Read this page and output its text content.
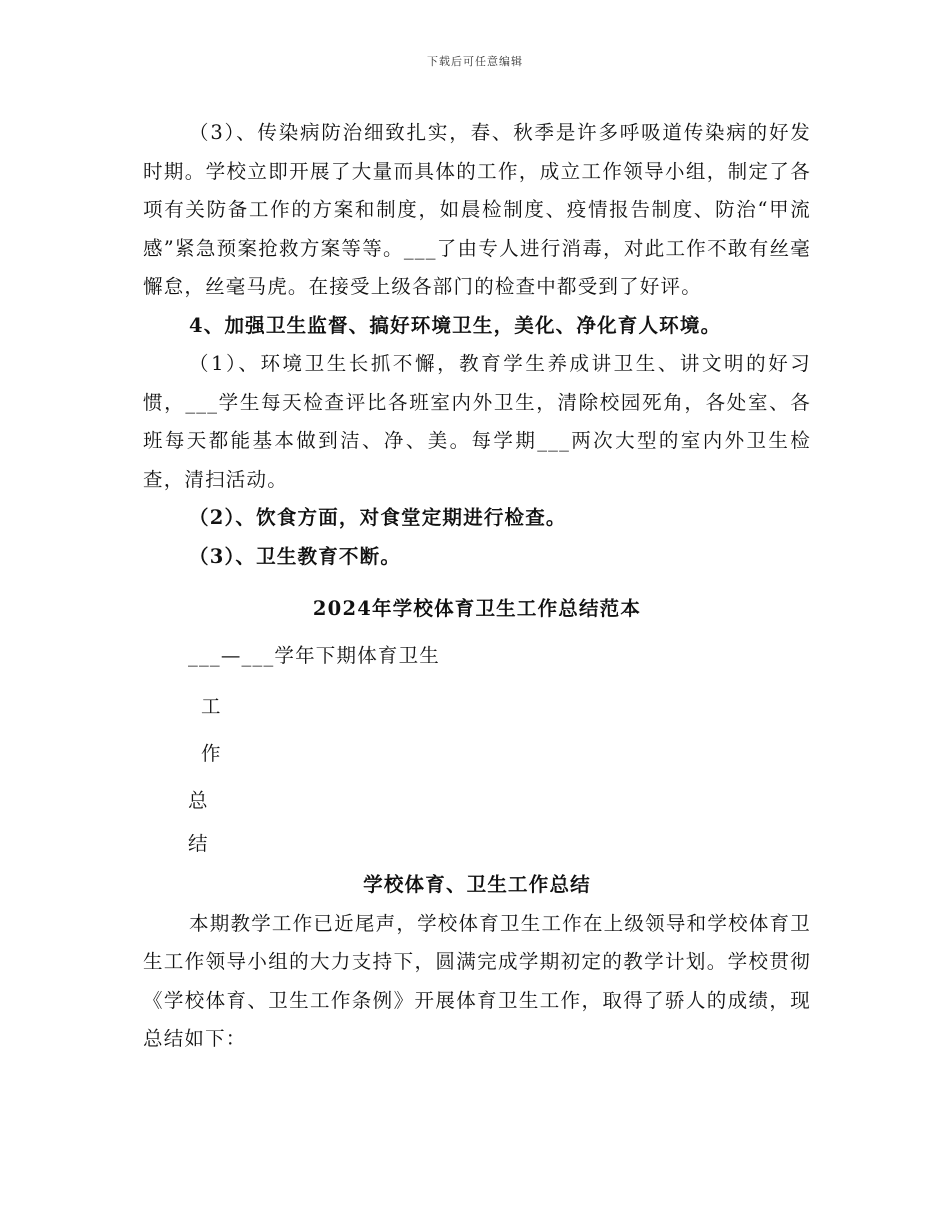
下载后可任意编辑

（3）、传染病防治细致扎实，春、秋季是许多呼吸道传染病的好发时期。学校立即开展了大量而具体的工作，成立工作领导小组，制定了各项有关防备工作的方案和制度，如晨检制度、疫情报告制度、防治“甲流感”紧急预案抢救方案等等。___了由专人进行消毒，对此工作不敢有丝毫懈怠，丝毫马虎。在接受上级各部门的检查中都受到了好评。

4、加强卫生监督、搞好环境卫生，美化、净化育人环境。

（1）、环境卫生长抓不懈，教育学生养成讲卫生、讲文明的好习惯，___学生每天检查评比各班室内外卫生，清除校园死角，各处室、各班每天都能基本做到洁、净、美。每学期___两次大型的室内外卫生检查，清扫活动。

（2）、饮食方面，对食堂定期进行检查。

（3）、卫生教育不断。

2024年学校体育卫生工作总结范本

___—___学年下期体育卫生

工

作

总

结

学校体育、卫生工作总结

本期教学工作已近尾声，学校体育卫生工作在上级领导和学校体育卫生工作领导小组的大力支持下，圆满完成学期初定的教学计划。学校贯彻《学校体育、卫生工作条例》开展体育卫生工作，取得了骄人的成绩，现总结如下：
